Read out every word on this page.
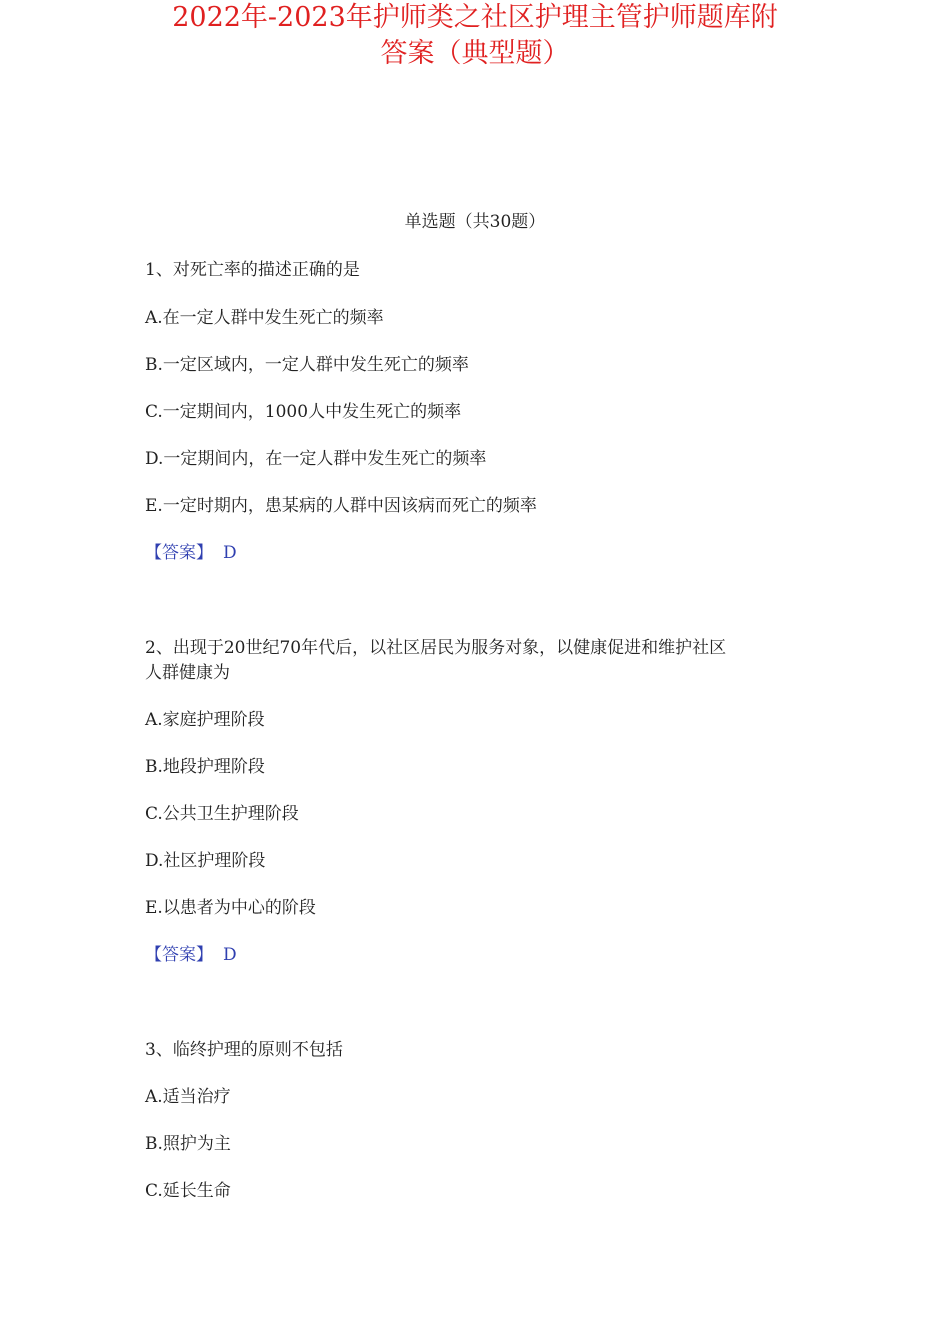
2022年-2023年护师类之社区护理主管护师题库附
答案（典型题）
单选题（共30题）
1、对死亡率的描述正确的是
A.在一定人群中发生死亡的频率
B.一定区域内，一定人群中发生死亡的频率
C.一定期间内，1000人中发生死亡的频率
D.一定期间内，在一定人群中发生死亡的频率
E.一定时期内，患某病的人群中因该病而死亡的频率
【答案】 D
2、出现于20世纪70年代后，以社区居民为服务对象，以健康促进和维护社区
人群健康为
A.家庭护理阶段
B.地段护理阶段
C.公共卫生护理阶段
D.社区护理阶段
E.以患者为中心的阶段
【答案】 D
3、临终护理的原则不包括
A.适当治疗
B.照护为主
C.延长生命
